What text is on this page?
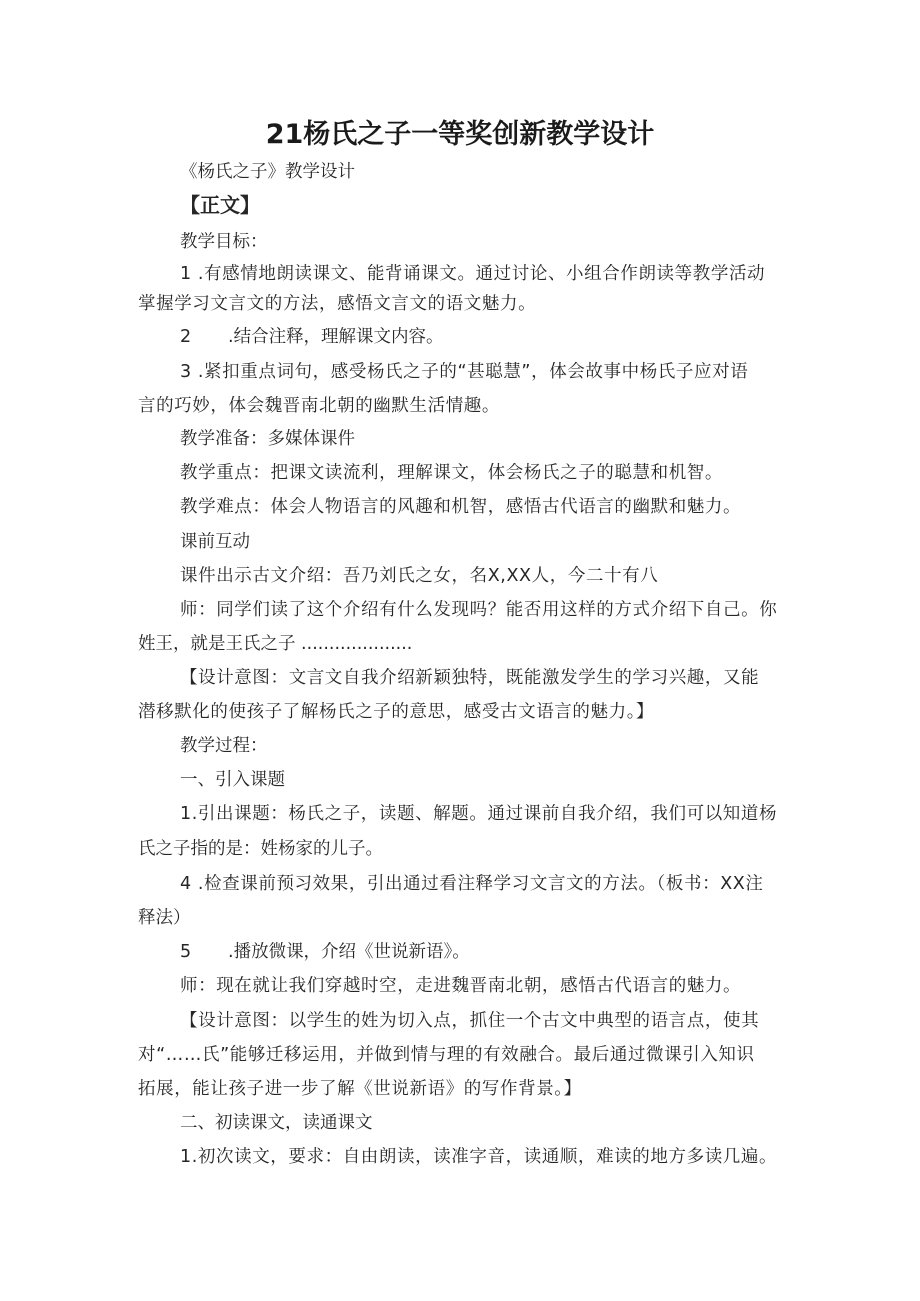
21杨氏之子一等奖创新教学设计
《杨氏之子》教学设计
【正文】
教学目标：
1 .有感情地朗读课文、能背诵课文。通过讨论、小组合作朗读等教学活动
掌握学习文言文的方法，感悟文言文的语文魅力。
2 .结合注释，理解课文内容。
3 .紧扣重点词句，感受杨氏之子的“甚聪慧”，体会故事中杨氏子应对语
言的巧妙，体会魏晋南北朝的幽默生活情趣。
教学准备：多媒体课件
教学重点：把课文读流利，理解课文，体会杨氏之子的聪慧和机智。
教学难点：体会人物语言的风趣和机智，感悟古代语言的幽默和魅力。
课前互动
课件出示古文介绍：吾乃刘氏之女，名X,XX人，今二十有八
师：同学们读了这个介绍有什么发现吗？能否用这样的方式介绍下自己。你
姓王，就是王氏之子 ....................
【设计意图：文言文自我介绍新颖独特，既能激发学生的学习兴趣，又能
潜移默化的使孩子了解杨氏之子的意思，感受古文语言的魅力。】
教学过程：
一、引入课题
1.引出课题：杨氏之子，读题、解题。通过课前自我介绍，我们可以知道杨
氏之子指的是：姓杨家的儿子。
4 .检查课前预习效果，引出通过看注释学习文言文的方法。（板书：XX注
释法）
5 .播放微课，介绍《世说新语》。
师：现在就让我们穿越时空，走进魏晋南北朝，感悟古代语言的魅力。
【设计意图：以学生的姓为切入点，抓住一个古文中典型的语言点，使其
对“……氏”能够迁移运用，并做到情与理的有效融合。最后通过微课引入知识
拓展，能让孩子进一步了解《世说新语》的写作背景。】
二、初读课文，读通课文
1.初次读文，要求：自由朗读，读准字音，读通顺，难读的地方多读几遍。
